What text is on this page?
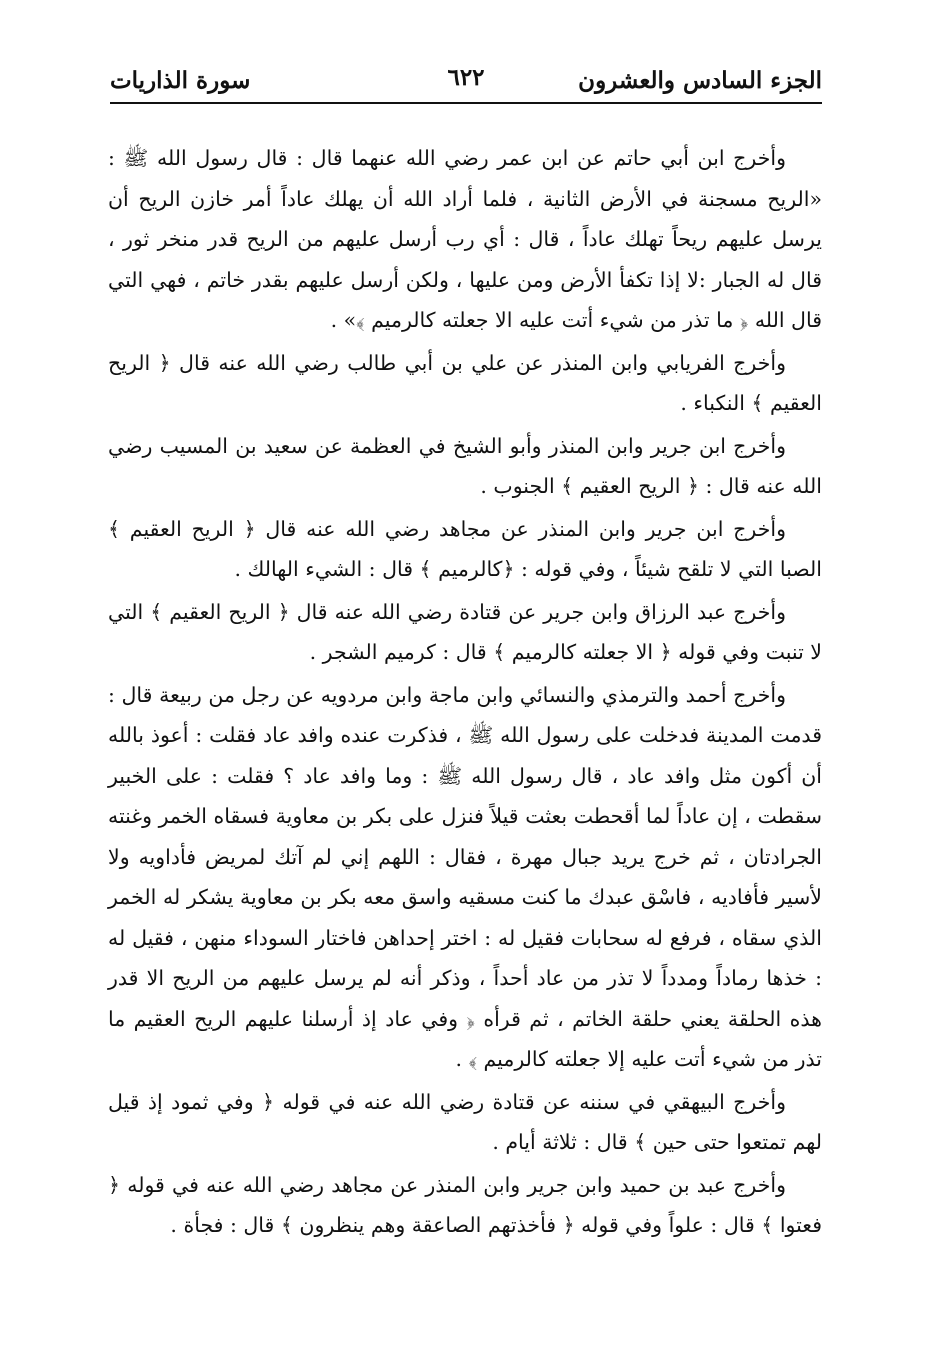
الجزء السادس والعشرون
٦٢٢
سورة الذاريات

وأخرج ابن أبي حاتم عن ابن عمر رضي الله عنهما قال : قال رسول الله ﷺ : «الريح مسجنة في الأرض الثانية ، فلما أراد الله أن يهلك عاداً أمر خازن الريح أن يرسل عليهم ريحاً تهلك عاداً ، قال : أي رب أرسل عليهم من الريح قدر منخر ثور ، قال له الجبار :لا إذا تكفأ الأرض ومن عليها ، ولكن أرسل عليهم بقدر خاتم ، فهي التي قال الله ﴿ ما تذر من شيء أتت عليه الا جعلته كالرميم ﴾» .

وأخرج الفريابي وابن المنذر عن علي بن أبي طالب رضي الله عنه قال ﴿ الريح العقيم ﴾ النكباء .

وأخرج ابن جرير وابن المنذر وأبو الشيخ في العظمة عن سعيد بن المسيب رضي الله عنه قال : ﴿ الريح العقيم ﴾ الجنوب .

وأخرج ابن جرير وابن المنذر عن مجاهد رضي الله عنه قال ﴿ الريح العقيم ﴾ الصبا التي لا تلقح شيئاً ، وفي قوله : ﴿كالرميم ﴾ قال : الشيء الهالك .

وأخرج عبد الرزاق وابن جرير عن قتادة رضي الله عنه قال ﴿ الريح العقيم ﴾ التي لا تنبت وفي قوله ﴿ الا جعلته كالرميم ﴾ قال : كرميم الشجر .

وأخرج أحمد والترمذي والنسائي وابن ماجة وابن مردويه عن رجل من ربيعة قال : قدمت المدينة فدخلت على رسول الله ﷺ ، فذكرت عنده وافد عاد فقلت : أعوذ بالله أن أكون مثل وافد عاد ، قال رسول الله ﷺ : وما وافد عاد ؟ فقلت : على الخبير سقطت ، إن عاداً لما أقحطت بعثت قيلاً فنزل على بكر بن معاوية فسقاه الخمر وغنته الجرادتان ، ثم خرج يريد جبال مهرة ، فقال : اللهم إني لم آتك لمريض فأداويه ولا لأسير فأفاديه ، فاسْق عبدك ما كنت مسقيه واسق معه بكر بن معاوية يشكر له الخمر الذي سقاه ، فرفع له سحابات فقيل له : اختر إحداهن فاختار السوداء منهن ، فقيل له : خذها رماداً ومدداً لا تذر من عاد أحداً ، وذكر أنه لم يرسل عليهم من الريح الا قدر هذه الحلقة يعني حلقة الخاتم ، ثم قرأه ﴿ وفي عاد إذ أرسلنا عليهم الريح العقيم ما تذر من شيء أتت عليه إلا جعلته كالرميم ﴾ .

وأخرج البيهقي في سننه عن قتادة رضي الله عنه في قوله ﴿ وفي ثمود إذ قيل لهم تمتعوا حتى حين ﴾ قال : ثلاثة أيام .

وأخرج عبد بن حميد وابن جرير وابن المنذر عن مجاهد رضي الله عنه في قوله ﴿ فعتوا ﴾ قال : علواً وفي قوله ﴿ فأخذتهم الصاعقة وهم ينظرون ﴾ قال : فجأة .
